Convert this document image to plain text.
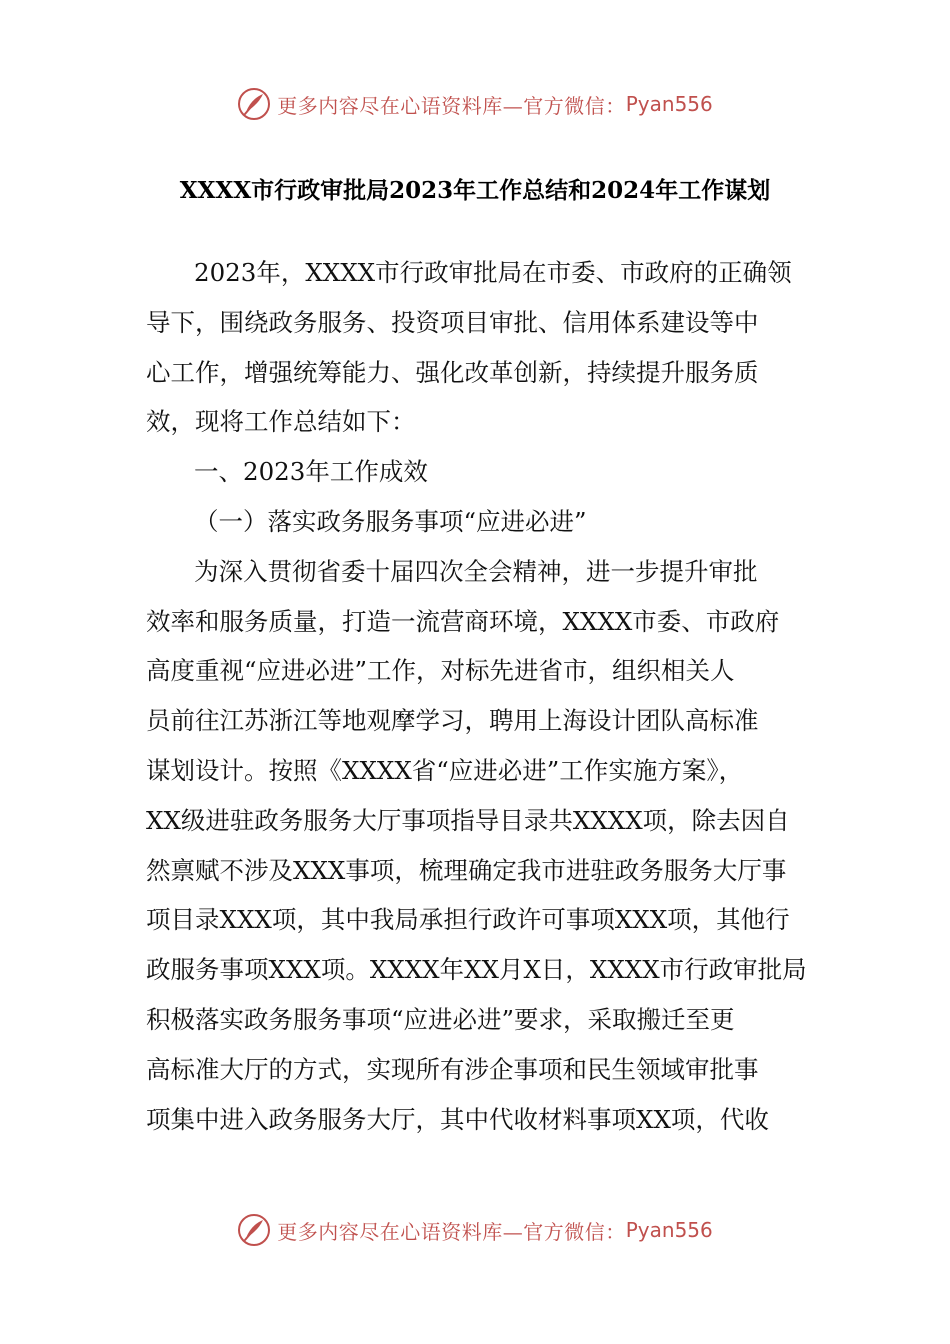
更多内容尽在心语资料库—官方微信： Pyan556
XXXX市行政审批局2023年工作总结和2024年工作谋划
2023年，XXXX市行政审批局在市委、市政府的正确领
导下，围绕政务服务、投资项目审批、信用体系建设等中
心工作，增强统筹能力、强化改革创新，持续提升服务质
效，现将工作总结如下：
一、2023年工作成效
（一）落实政务服务事项“应进必进”
为深入贯彻省委十届四次全会精神，进一步提升审批
效率和服务质量，打造一流营商环境，XXXX市委、市政府
高度重视“应进必进”工作，对标先进省市，组织相关人
员前往江苏浙江等地观摩学习，聘用上海设计团队高标准
谋划设计。按照《XXXX省“应进必进”工作实施方案》，
XX级进驻政务服务大厅事项指导目录共XXXX项，除去因自
然禀赋不涉及XXX事项，梳理确定我市进驻政务服务大厅事
项目录XXX项，其中我局承担行政许可事项XXX项，其他行
政服务事项XXX项。XXXX年XX月X日，XXXX市行政审批局
积极落实政务服务事项“应进必进”要求，采取搬迁至更
高标准大厅的方式，实现所有涉企事项和民生领域审批事
项集中进入政务服务大厅，其中代收材料事项XX项，代收
更多内容尽在心语资料库—官方微信： Pyan556
